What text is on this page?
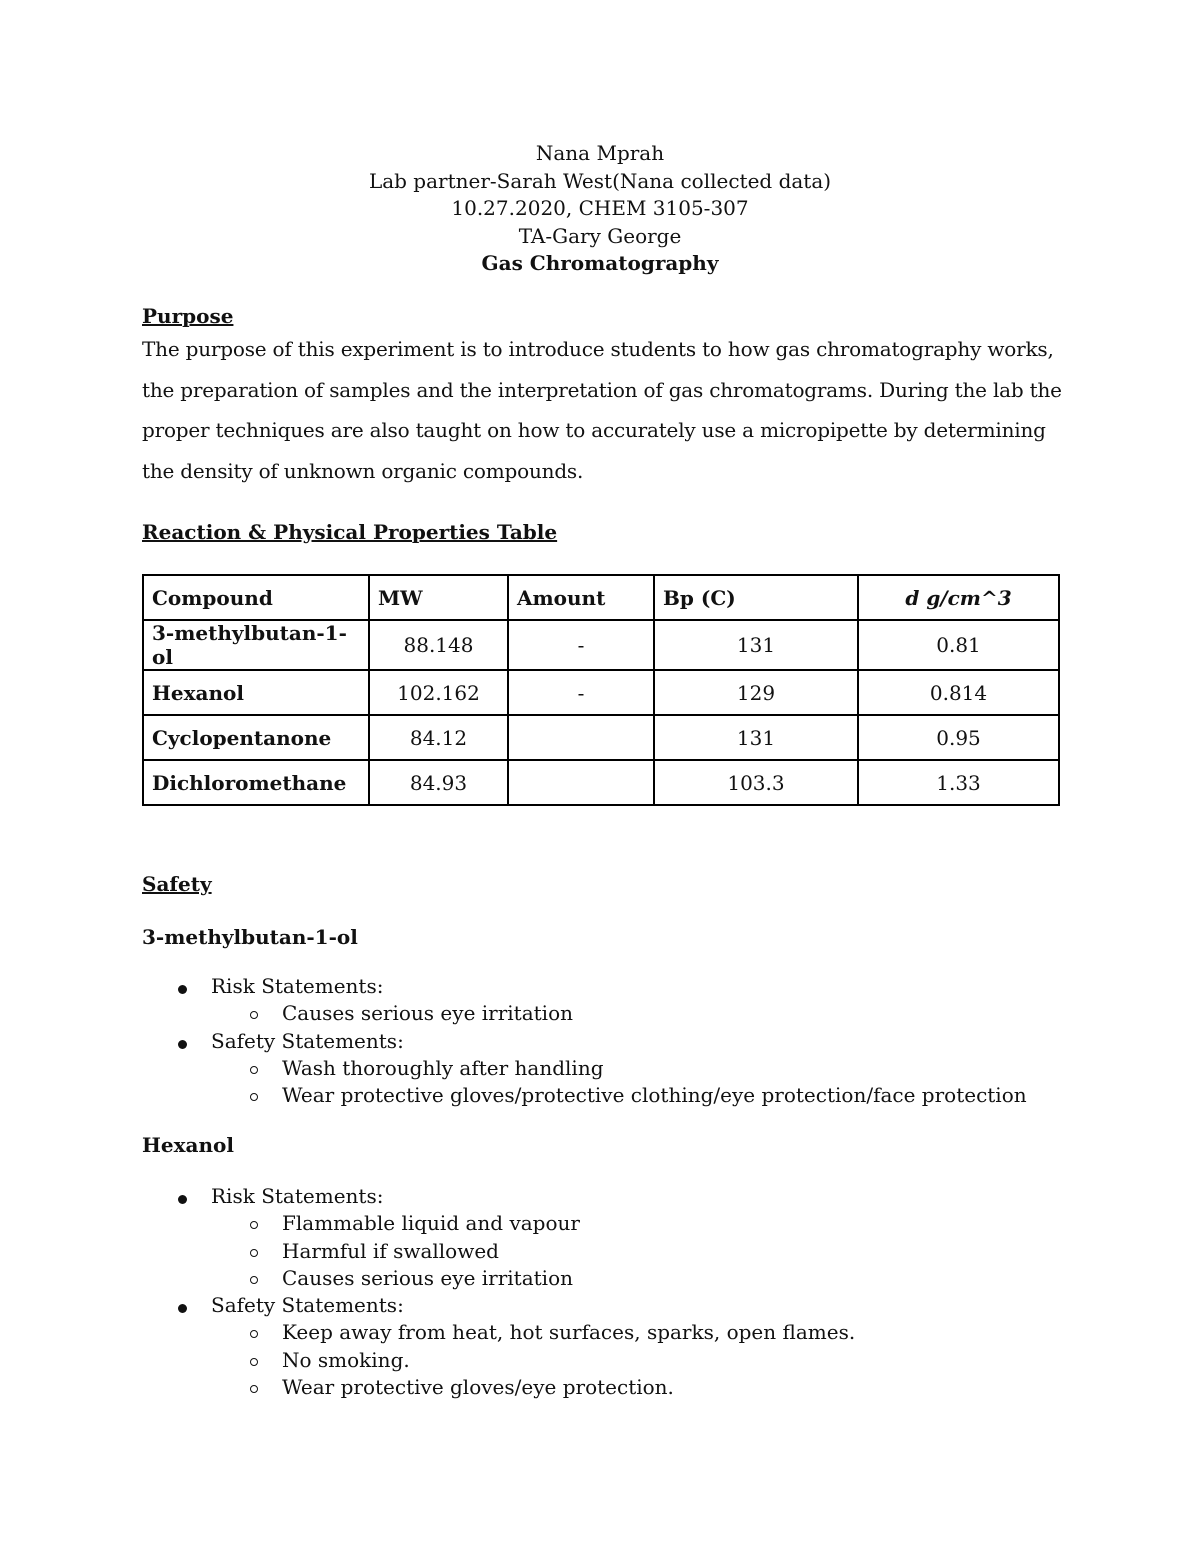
Nana Mprah
Lab partner-Sarah West(Nana collected data)
10.27.2020, CHEM 3105-307
TA-Gary George
Gas Chromatography
Purpose
The purpose of this experiment is to introduce students to how gas chromatography works, the preparation of samples and the interpretation of gas chromatograms. During the lab the proper techniques are also taught on how to accurately use a micropipette by determining the density of unknown organic compounds.
Reaction & Physical Properties Table
Compound	MW	Amount	Bp (C)	d g/cm^3
3-methylbutan-1-ol	88.148	-	131	0.81
Hexanol	102.162	-	129	0.814
Cyclopentanone	84.12		131	0.95
Dichloromethane	84.93		103.3	1.33
Safety
3-methylbutan-1-ol
Risk Statements:
Causes serious eye irritation
Safety Statements:
Wash thoroughly after handling
Wear protective gloves/protective clothing/eye protection/face protection
Hexanol
Risk Statements:
Flammable liquid and vapour
Harmful if swallowed
Causes serious eye irritation
Safety Statements:
Keep away from heat, hot surfaces, sparks, open flames.
No smoking.
Wear protective gloves/eye protection.
